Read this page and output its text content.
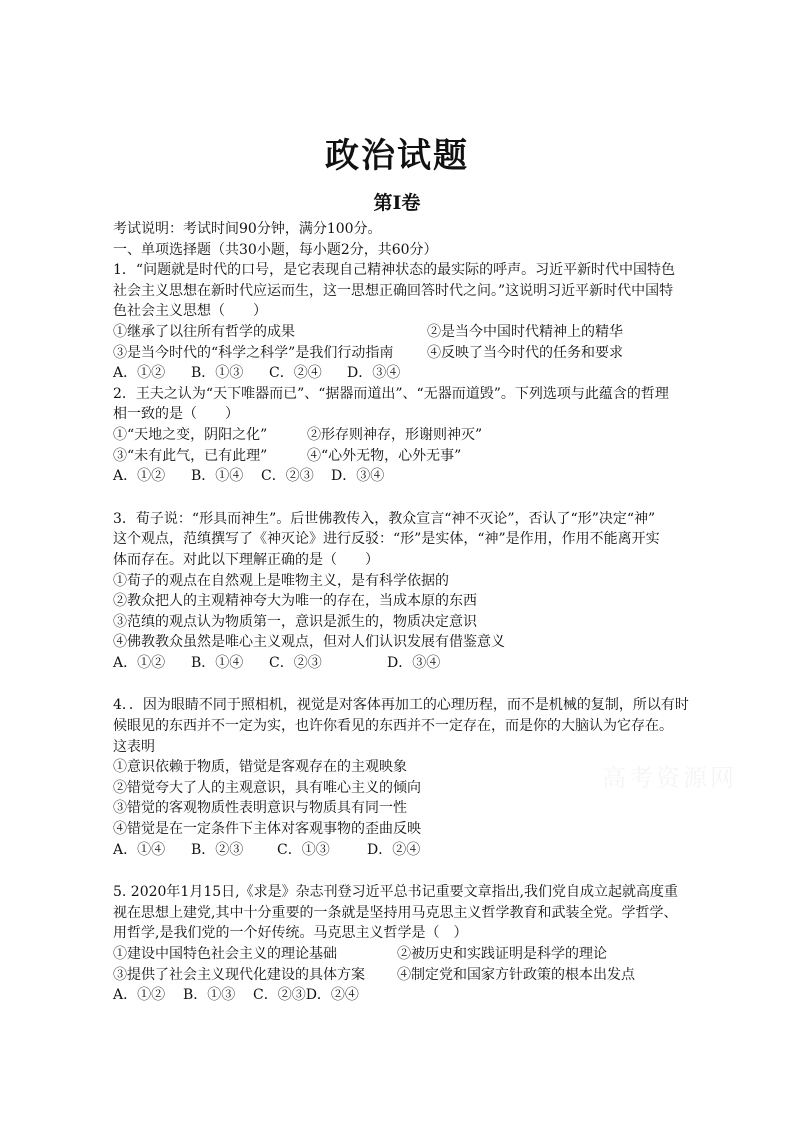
政治试题
第Ⅰ卷

考试说明：考试时间90分钟，满分100分。

一、单项选择题（共30小题，每小题2分，共60分）

1．“问题就是时代的口号，是它表现自己精神状态的最实际的呼声。习近平新时代中国特色

社会主义思想在新时代应运而生，这一思想正确回答时代之问。”这说明习近平新时代中国特

色社会主义思想（　　）

①继承了以往所有哲学的成果	②是当今中国时代精神上的精华
③是当今时代的“科学之科学”是我们行动指南	④反映了当今时代的任务和要求

A．①② B．①③ C．②④ D．③④

2．王夫之认为“天下唯器而已”、“据器而道出”、“无器而道毁”。下列选项与此蕴含的哲理

相一致的是（　　）

①“天地之变，阴阳之化”	②形存则神存，形谢则神灭”
③“未有此气，已有此理”	④“心外无物，心外无事”

A．①② B．①④ C．②③ D．③④

3．荀子说：“形具而神生”。后世佛教传入，教众宣言“神不灭论”，否认了“形”决定“神”

这个观点，范缜撰写了《神灭论》进行反驳：“形”是实体，“神”是作用，作用不能离开实

体而存在。对此以下理解正确的是（　　）

①荀子的观点在自然观上是唯物主义，是有科学依据的

②教众把人的主观精神夸大为唯一的存在，当成本原的东西

③范缜的观点认为物质第一，意识是派生的，物质决定意识

④佛教教众虽然是唯心主义观点，但对人们认识发展有借鉴意义

A．①② B．①④ C．②③	D．③④

4．．因为眼睛不同于照相机，视觉是对客体再加工的心理历程，而不是机械的复制，所以有时

候眼见的东西并不一定为实，也许你看见的东西并不一定存在，而是你的大脑认为它存在。

这表明

①意识依赖于物质，错觉是客观存在的主观映象

②错觉夸大了人的主观意识，具有唯心主义的倾向

③错觉的客观物质性表明意识与物质具有同一性

④错觉是在一定条件下主体对客观事物的歪曲反映

A．①④ B．②③ C．①③	D．②④

5. 2020年1月15日,《求是》杂志刊登习近平总书记重要文章指出,我们党自成立起就高度重

视在思想上建党,其中十分重要的一条就是坚持用马克思主义哲学教育和武装全党。学哲学、

用哲学,是我们党的一个好传统。马克思主义哲学是（　）

①建设中国特色社会主义的理论基础	②被历史和实践证明是科学的理论
③提供了社会主义现代化建设的具体方案	④制定党和国家方针政策的根本出发点

A．①② B．①③ C．②③D．②④
